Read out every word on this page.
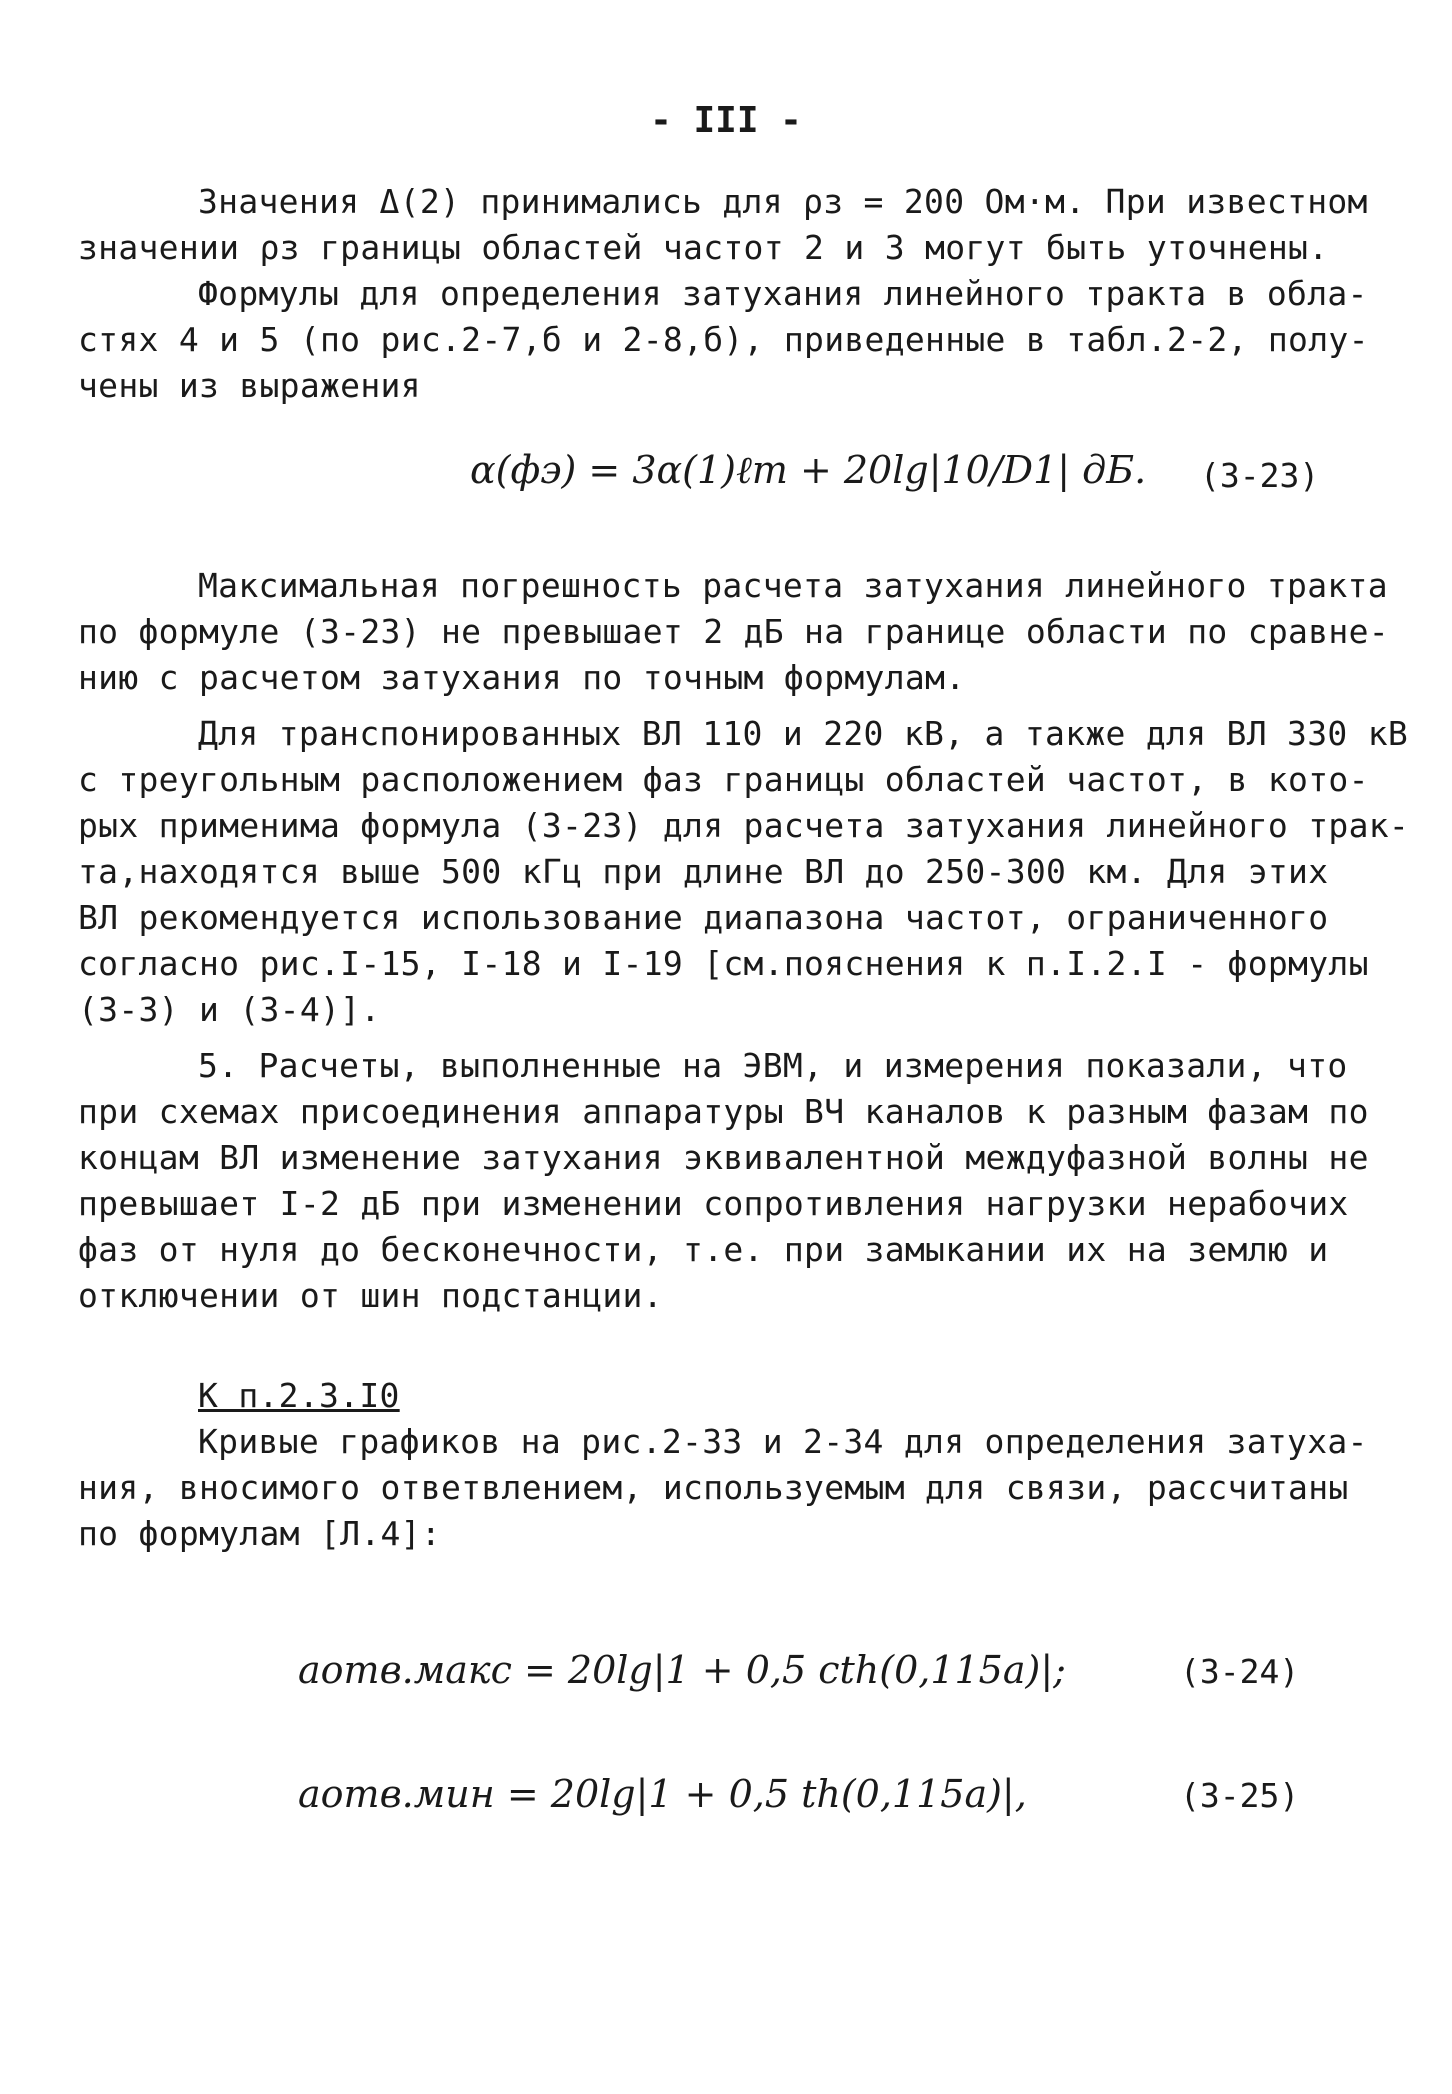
- III -
Значения Δ(2) принимались для ρз = 200 Ом·м. При известном
значении ρз границы областей частот 2 и 3 могут быть уточнены.
Формулы для определения затухания линейного тракта в обла-
стях 4 и 5 (по рис.2-7,б и 2-8,б), приведенные в табл.2-2, полу-
чены из выражения
α(фэ) = 3α(1)ℓт + 20lg|10/D1| дБ. (3-23)
Максимальная погрешность расчета затухания линейного тракта
по формуле (3-23) не превышает 2 дБ на границе области по сравне-
нию с расчетом затухания по точным формулам.
Для транспонированных ВЛ 110 и 220 кВ, а также для ВЛ 330 кВ
с треугольным расположением фаз границы областей частот, в кото-
рых применима формула (3-23) для расчета затухания линейного трак-
та,находятся выше 500 кГц при длине ВЛ до 250-300 км. Для этих
ВЛ рекомендуется использование диапазона частот, ограниченного
согласно рис.I-15, I-18 и I-19 [см.пояснения к п.I.2.I - формулы
(3-3) и (3-4)].
5. Расчеты, выполненные на ЭВМ, и измерения показали, что
при схемах присоединения аппаратуры ВЧ каналов к разным фазам по
концам ВЛ изменение затухания эквивалентной междуфазной волны не
превышает I-2 дБ при изменении сопротивления нагрузки нерабочих
фаз от нуля до бесконечности, т.е. при замыкании их на землю и
отключении от шин подстанции.
К п.2.3.I0
Кривые графиков на рис.2-33 и 2-34 для определения затуха-
ния, вносимого ответвлением, используемым для связи, рассчитаны
по формулам [Л.4]:
aотв.макс = 20lg|1 + 0,5 cth(0,115a)|;	(3-24)
aотв.мин = 20lg|1 + 0,5 th(0,115a)|,	(3-25)
